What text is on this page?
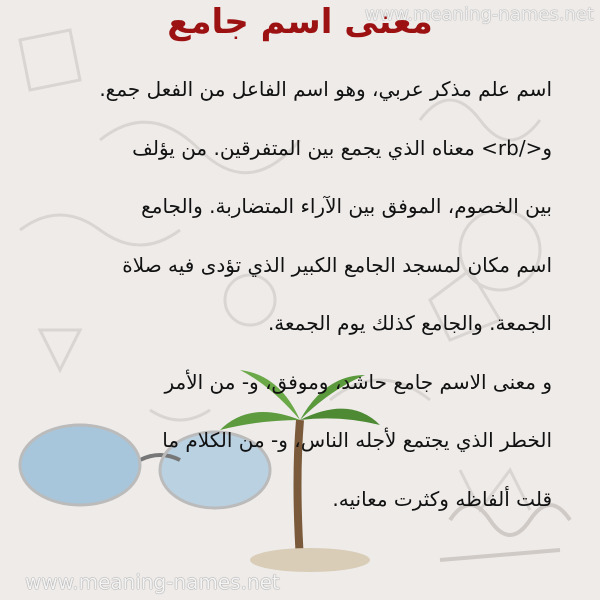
www.meaning-names.net
معنى اسم جامع
اسم علم مذكر عربي، وهو اسم الفاعل من الفعل جمع.
و</rb> معناه الذي يجمع بين المتفرقين. من يؤلف
بين الخصوم، الموفق بين الآراء المتضاربة. والجامع
اسم مكان لمسجد الجامع الكبير الذي تؤدى فيه صلاة
الجمعة. والجامع كذلك يوم الجمعة.
و معنى الاسم جامع حاشد، وموفق، و- من الأمر
الخطر الذي يجتمع لأجله الناس، و- من الكلام ما
قلت ألفاظه وكثرت معانيه.
www.meaning-names.net
